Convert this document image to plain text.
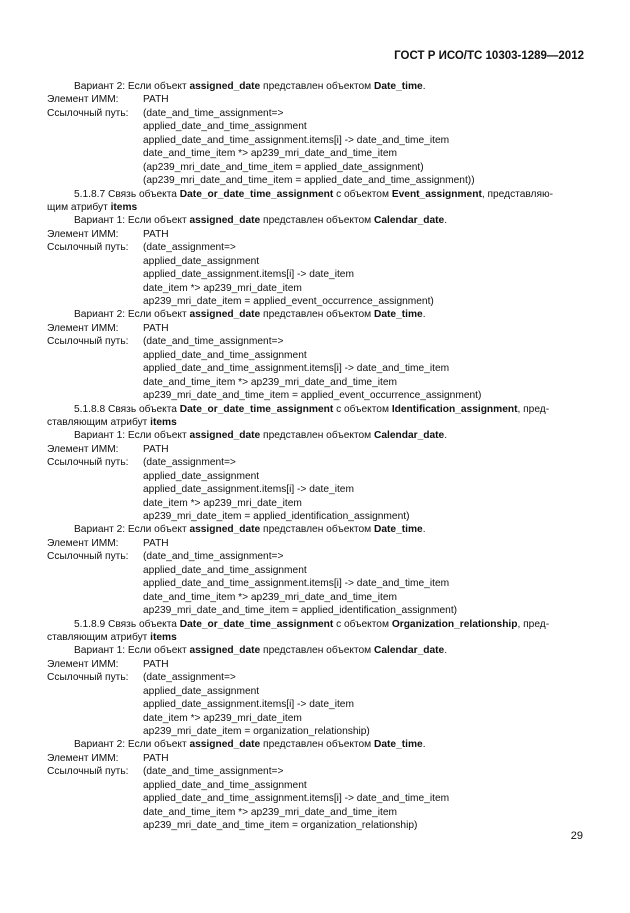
ГОСТ Р ИСО/ТС 10303-1289—2012
Вариант 2: Если объект assigned_date представлен объектом Date_time.
Элемент ИММ: PATH
Ссылочный путь: (date_and_time_assignment=>
applied_date_and_time_assignment
applied_date_and_time_assignment.items[i] -> date_and_time_item
date_and_time_item *> ap239_mri_date_and_time_item
(ap239_mri_date_and_time_item = applied_date_assignment)
(ap239_mri_date_and_time_item = applied_date_and_time_assignment))
5.1.8.7 Связь объекта Date_or_date_time_assignment с объектом Event_assignment, представляю-
щим атрибут items
Вариант 1: Если объект assigned_date представлен объектом Calendar_date.
Элемент ИММ: PATH
Ссылочный путь: (date_assignment=>
applied_date_assignment
applied_date_assignment.items[i] -> date_item
date_item *> ap239_mri_date_item
ap239_mri_date_item = applied_event_occurrence_assignment)
Вариант 2: Если объект assigned_date представлен объектом Date_time.
Элемент ИММ: PATH
Ссылочный путь: (date_and_time_assignment=>
applied_date_and_time_assignment
applied_date_and_time_assignment.items[i] -> date_and_time_item
date_and_time_item *> ap239_mri_date_and_time_item
ap239_mri_date_and_time_item = applied_event_occurrence_assignment)
5.1.8.8 Связь объекта Date_or_date_time_assignment с объектом Identification_assignment, пред-
ставляющим атрибут items
Вариант 1: Если объект assigned_date представлен объектом Calendar_date.
Элемент ИММ: PATH
Ссылочный путь: (date_assignment=>
applied_date_assignment
applied_date_assignment.items[i] -> date_item
date_item *> ap239_mri_date_item
ap239_mri_date_item = applied_identification_assignment)
Вариант 2: Если объект assigned_date представлен объектом Date_time.
Элемент ИММ: PATH
Ссылочный путь: (date_and_time_assignment=>
applied_date_and_time_assignment
applied_date_and_time_assignment.items[i] -> date_and_time_item
date_and_time_item *> ap239_mri_date_and_time_item
ap239_mri_date_and_time_item = applied_identification_assignment)
5.1.8.9 Связь объекта Date_or_date_time_assignment с объектом Organization_relationship, пред-
ставляющим атрибут items
Вариант 1: Если объект assigned_date представлен объектом Calendar_date.
Элемент ИММ: PATH
Ссылочный путь: (date_assignment=>
applied_date_assignment
applied_date_assignment.items[i] -> date_item
date_item *> ap239_mri_date_item
ap239_mri_date_item = organization_relationship)
Вариант 2: Если объект assigned_date представлен объектом Date_time.
Элемент ИММ: PATH
Ссылочный путь: (date_and_time_assignment=>
applied_date_and_time_assignment
applied_date_and_time_assignment.items[i] -> date_and_time_item
date_and_time_item *> ap239_mri_date_and_time_item
ap239_mri_date_and_time_item = organization_relationship)
29
